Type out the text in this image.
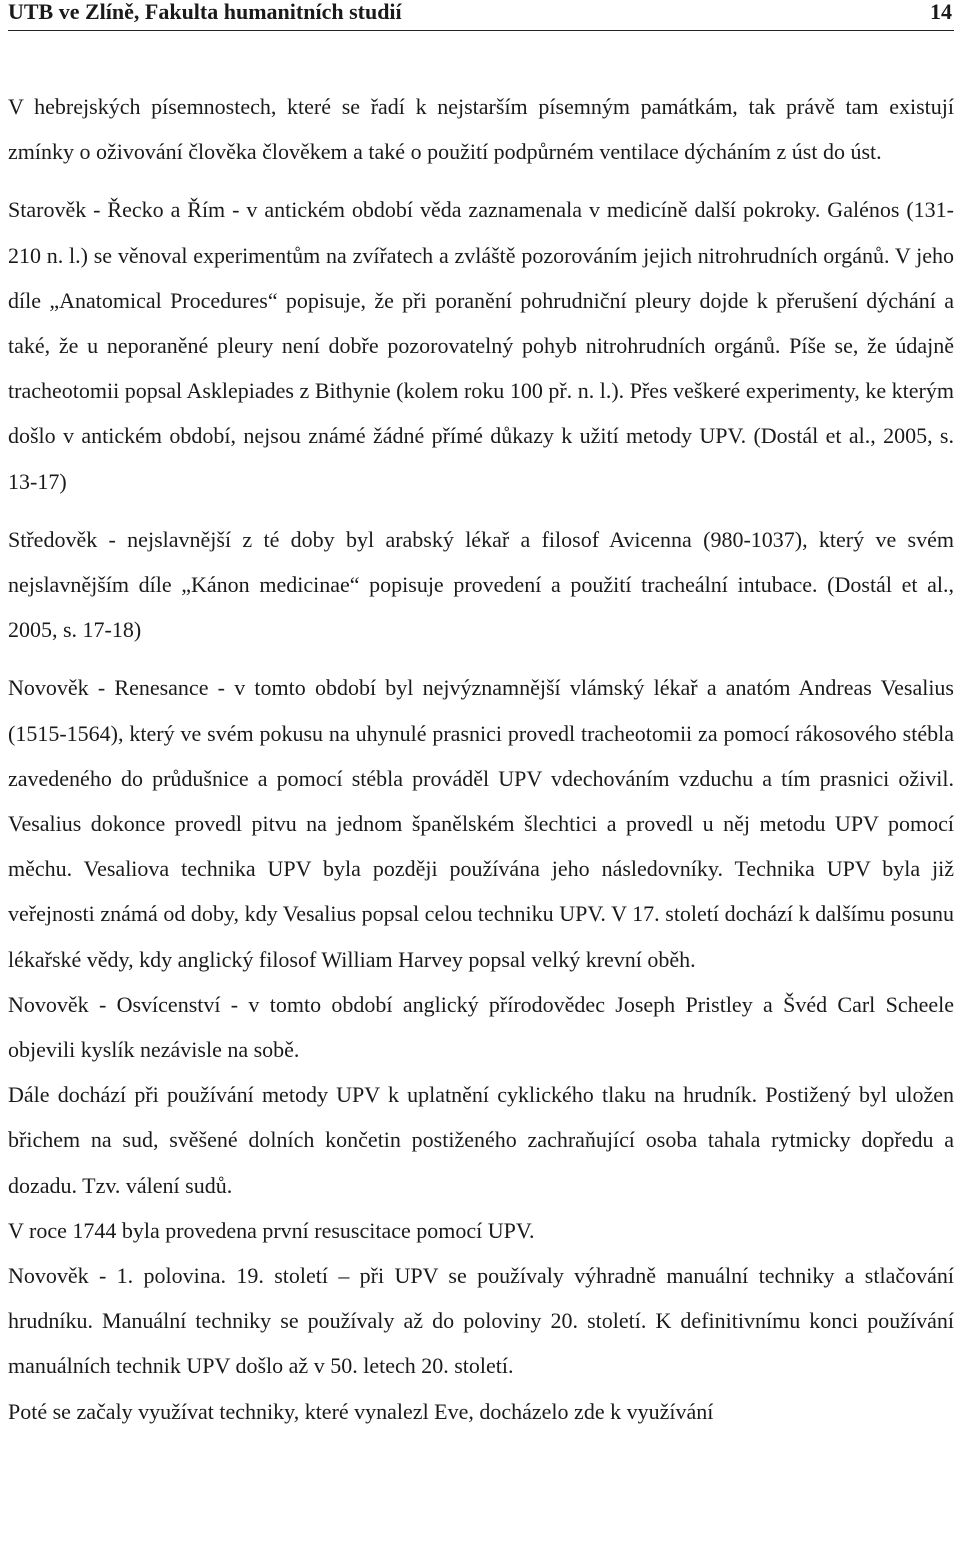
UTB ve Zlíně, Fakulta humanitních studií	14

V hebrejských písemnostech, které se řadí k nejstarším písemným památkám, tak právě tam existují zmínky o oživování člověka člověkem a také o použití podpůrném ventilace dýcháním z úst do úst.

Starověk - Řecko a Řím - v antickém období věda zaznamenala v medicíně další pokroky. Galénos (131-210 n. l.) se věnoval experimentům na zvířatech a zvláště pozorováním jejich nitrohrudních orgánů. V jeho díle „Anatomical Procedures“ popisuje, že při poranění pohrudniční pleury dojde k přerušení dýchání a také, že u neporaněné pleury není dobře pozorovatelný pohyb nitrohrudních orgánů. Píše se, že údajně tracheotomii popsal Asklepiades z Bithynie (kolem roku 100 př. n. l.). Přes veškeré experimenty, ke kterým došlo v antickém období, nejsou známé žádné přímé důkazy k užití metody UPV. (Dostál et al., 2005, s. 13-17)

Středověk - nejslavnější z té doby byl arabský lékař a filosof Avicenna (980-1037), který ve svém nejslavnějším díle „Kánon medicinae“ popisuje provedení a použití tracheální intubace. (Dostál et al., 2005, s. 17-18)

Novověk - Renesance - v tomto období byl nejvýznamnější vlámský lékař a anatóm Andreas Vesalius (1515-1564), který ve svém pokusu na uhynulé prasnici provedl tracheotomii za pomocí rákosového stébla zavedeného do průdušnice a pomocí stébla prováděl UPV vdechováním vzduchu a tím prasnici oživil. Vesalius dokonce provedl pitvu na jednom španělském šlechtici a provedl u něj metodu UPV pomocí měchu. Vesaliova technika UPV byla později používána jeho následovníky. Technika UPV byla již veřejnosti známá od doby, kdy Vesalius popsal celou techniku UPV. V 17. století dochází k dalšímu posunu lékařské vědy, kdy anglický filosof William Harvey popsal velký krevní oběh.

Novověk - Osvícenství - v tomto období anglický přírodovědec Joseph Pristley a Švéd Carl Scheele objevili kyslík nezávisle na sobě.

Dále dochází při používání metody UPV k uplatnění cyklického tlaku na hrudník. Postižený byl uložen břichem na sud, svěšené dolních končetin postiženého zachraňující osoba tahala rytmicky dopředu a dozadu. Tzv. válení sudů.

V roce 1744 byla provedena první resuscitace pomocí UPV.

Novověk - 1. polovina. 19. století – při UPV se používaly výhradně manuální techniky a stlačování hrudníku. Manuální techniky se používaly až do poloviny 20. století. K definitivnímu konci používání manuálních technik UPV došlo až v 50. letech 20. století.

Poté se začaly využívat techniky, které vynalezl Eve, docházelo zde k využívání
